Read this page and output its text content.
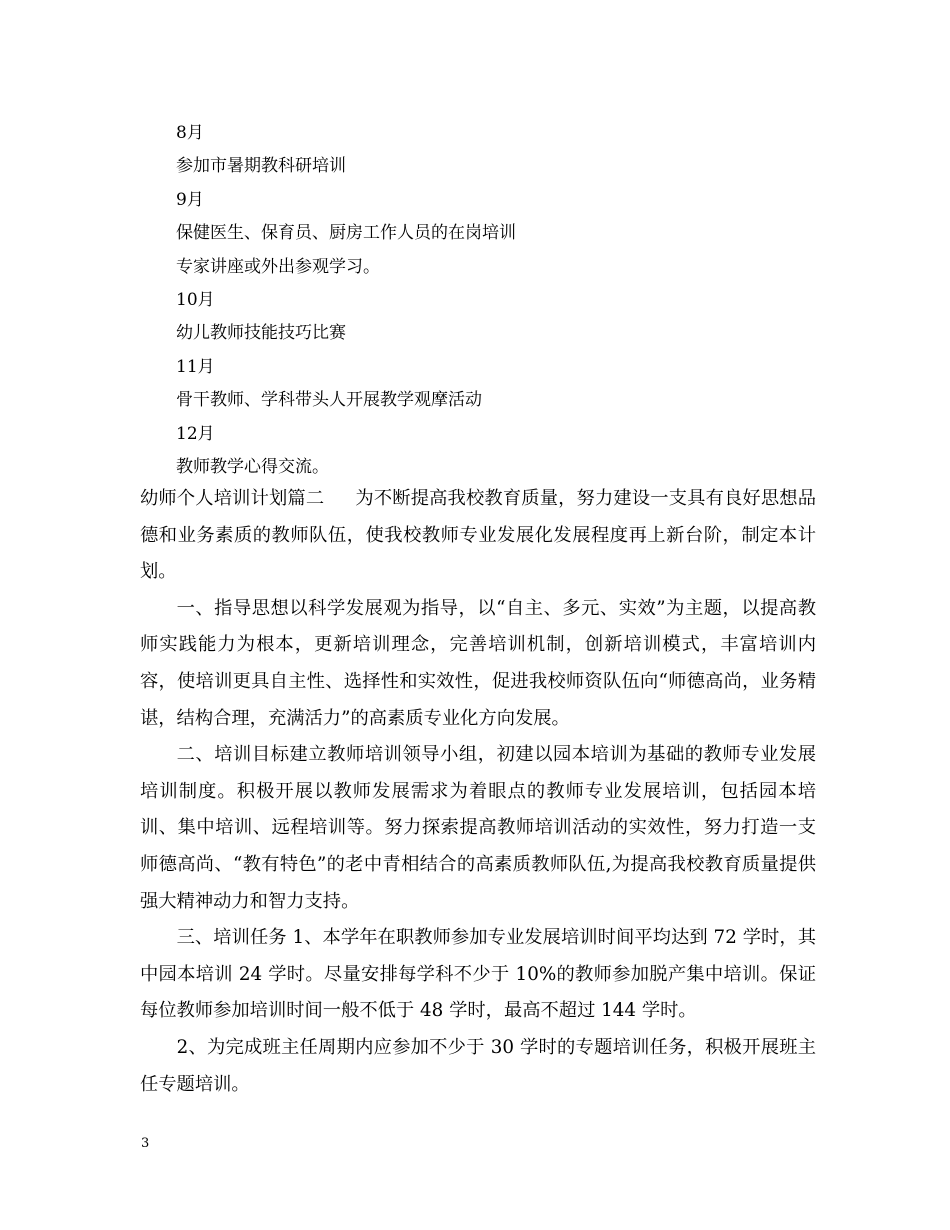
8月
参加市暑期教科研培训
9月
保健医生、保育员、厨房工作人员的在岗培训
专家讲座或外出参观学习。
10月
幼儿教师技能技巧比赛
11月
骨干教师、学科带头人开展教学观摩活动
12月
教师教学心得交流。

幼师个人培训计划篇二 为不断提高我校教育质量，努力建设一支具有良好思想品德和业务素质的教师队伍，使我校教师专业发展化发展程度再上新台阶，制定本计划。

一、指导思想以科学发展观为指导，以“自主、多元、实效”为主题，以提高教师实践能力为根本，更新培训理念，完善培训机制，创新培训模式，丰富培训内容，使培训更具自主性、选择性和实效性，促进我校师资队伍向“师德高尚，业务精谌，结构合理，充满活力”的高素质专业化方向发展。

二、培训目标建立教师培训领导小组，初建以园本培训为基础的教师专业发展培训制度。积极开展以教师发展需求为着眼点的教师专业发展培训，包括园本培训、集中培训、远程培训等。努力探索提高教师培训活动的实效性，努力打造一支师德高尚、“教有特色”的老中青相结合的高素质教师队伍,为提高我校教育质量提供强大精神动力和智力支持。

三、培训任务 1、本学年在职教师参加专业发展培训时间平均达到 72 学时，其中园本培训 24 学时。尽量安排每学科不少于 10%的教师参加脱产集中培训。保证每位教师参加培训时间一般不低于 48 学时，最高不超过 144 学时。

2、为完成班主任周期内应参加不少于 30 学时的专题培训任务，积极开展班主任专题培训。

3
